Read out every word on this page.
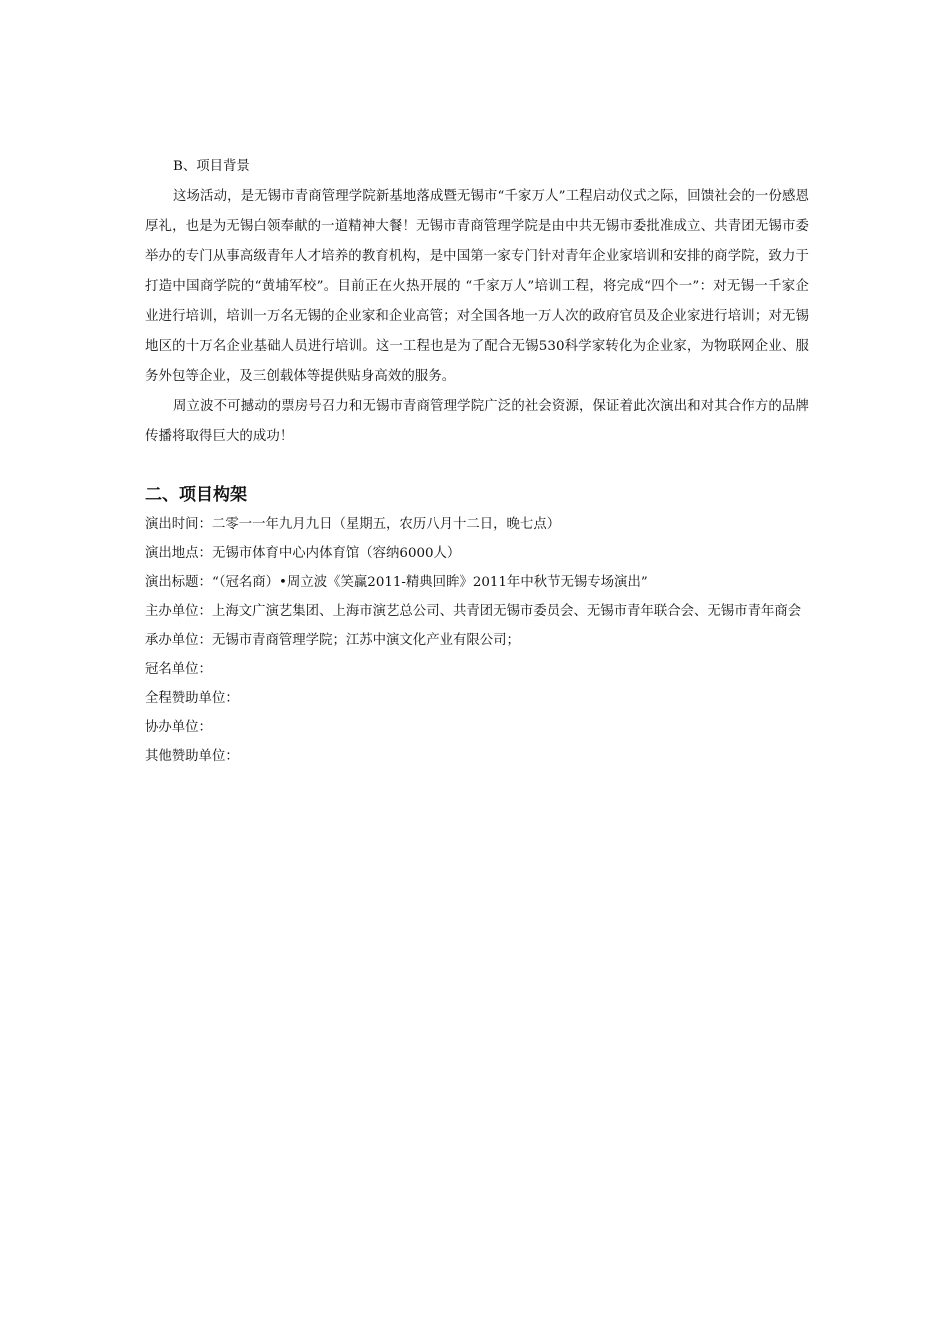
B、项目背景

这场活动，是无锡市青商管理学院新基地落成暨无锡市“千家万人”工程启动仪式之际，回馈社会的一份感恩厚礼，也是为无锡白领奉献的一道精神大餐！无锡市青商管理学院是由中共无锡市委批准成立、共青团无锡市委举办的专门从事高级青年人才培养的教育机构，是中国第一家专门针对青年企业家培训和安排的商学院，致力于打造中国商学院的“黄埔军校”。目前正在火热开展的 “千家万人”培训工程，将完成“四个一”：对无锡一千家企业进行培训，培训一万名无锡的企业家和企业高管；对全国各地一万人次的政府官员及企业家进行培训；对无锡地区的十万名企业基础人员进行培训。这一工程也是为了配合无锡530科学家转化为企业家，为物联网企业、服务外包等企业，及三创载体等提供贴身高效的服务。

周立波不可撼动的票房号召力和无锡市青商管理学院广泛的社会资源，保证着此次演出和对其合作方的品牌传播将取得巨大的成功！

二、项目构架
演出时间： 二零一一年九月九日（星期五，农历八月十二日，晚七点）
演出地点： 无锡市体育中心内体育馆（容纳6000人）
演出标题： “（冠名商）•周立波《笑赢2011-精典回眸》2011年中秋节无锡专场演出”
主办单位： 上海文广演艺集团、上海市演艺总公司、共青团无锡市委员会、无锡市青年联合会、无锡市青年商会
承办单位： 无锡市青商管理学院；江苏中演文化产业有限公司；
冠名单位：
全程赞助单位：
协办单位：
其他赞助单位：
